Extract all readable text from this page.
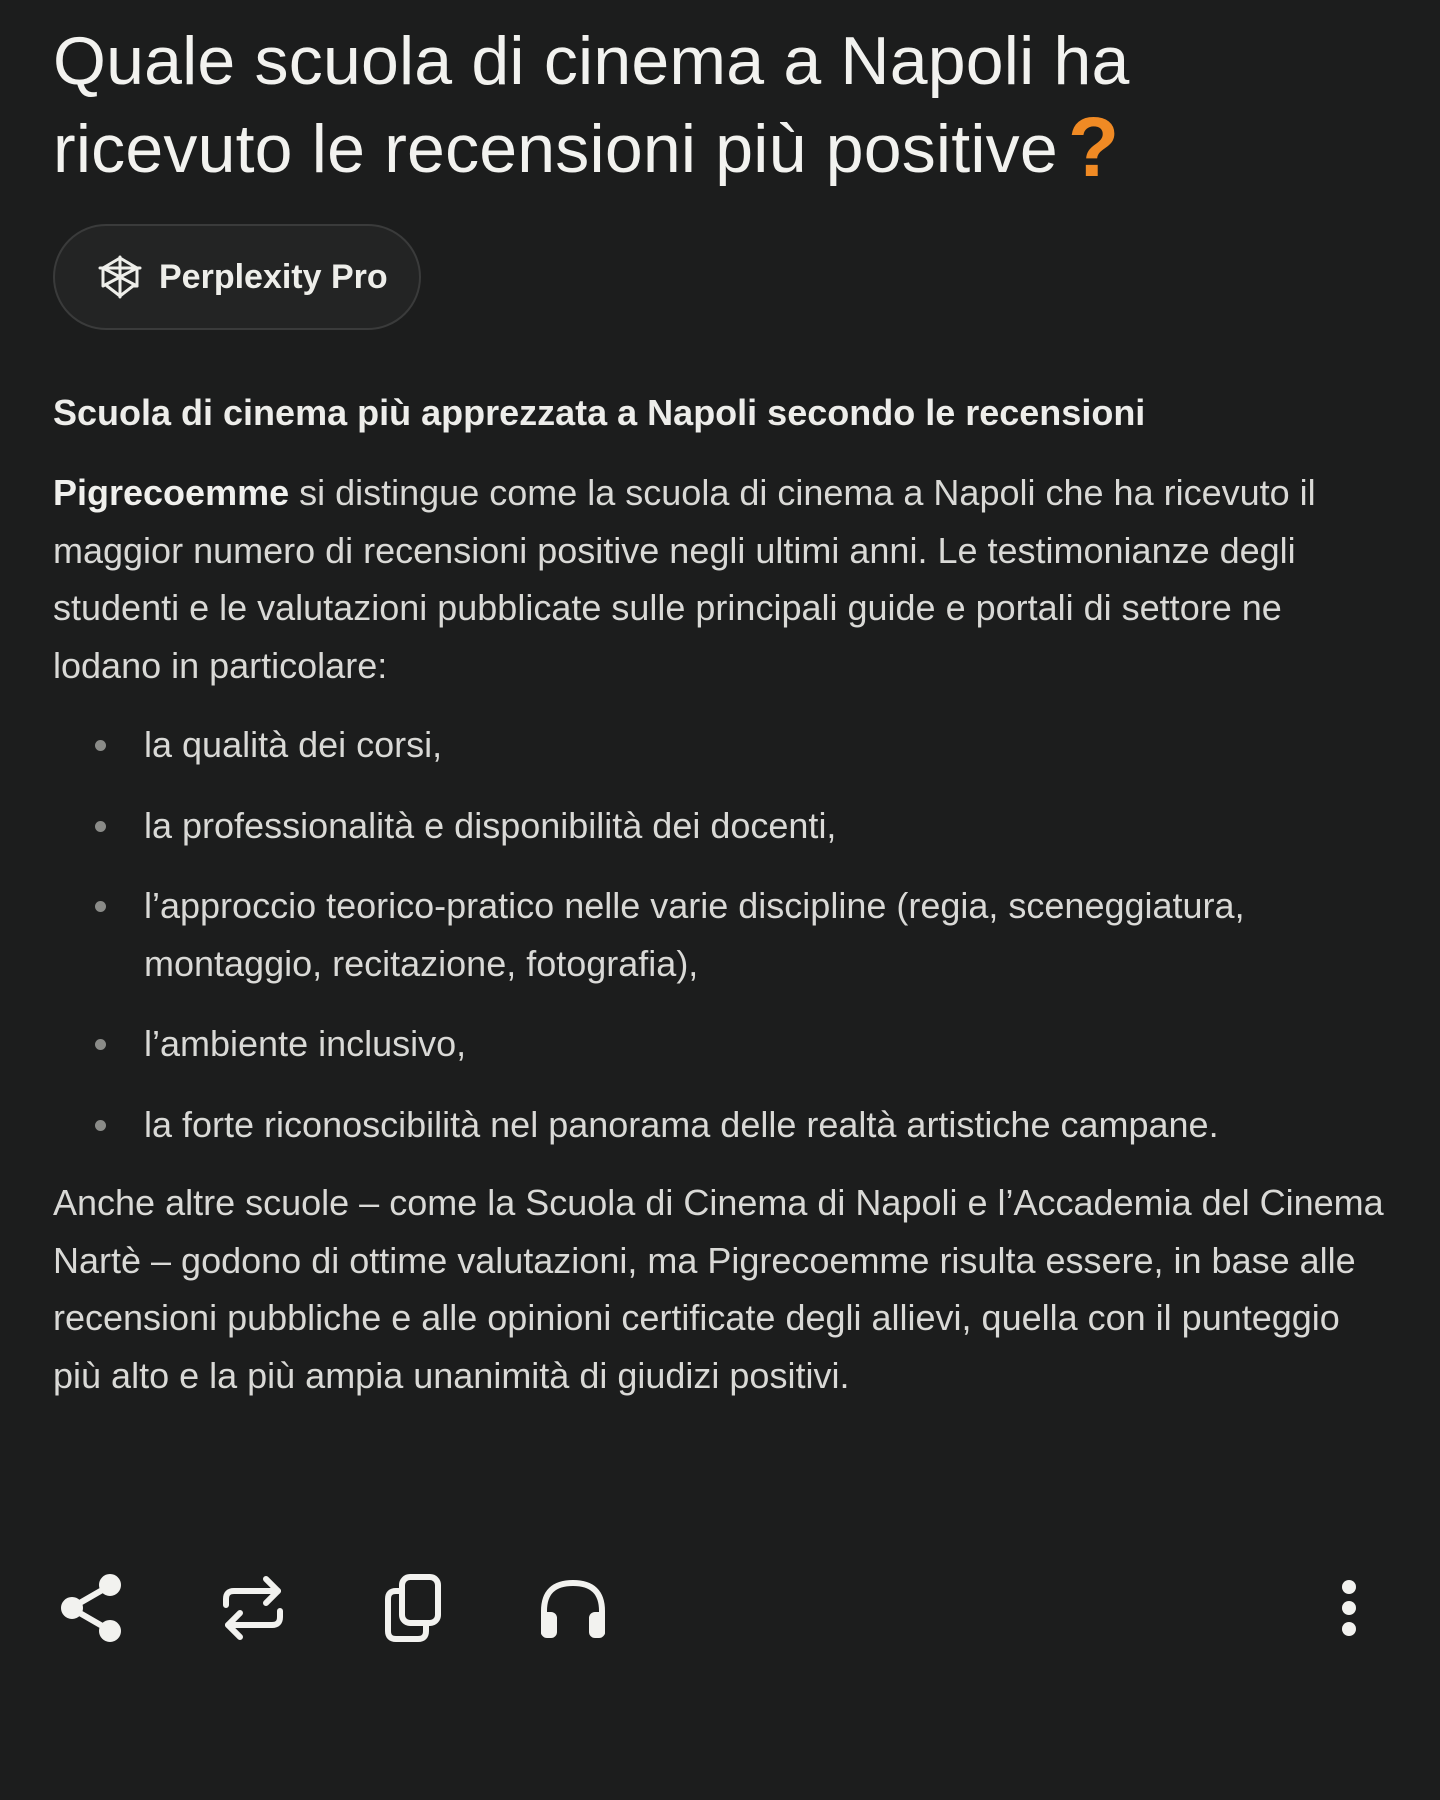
Quale scuola di cinema a Napoli ha ricevuto le recensioni più positive ?
Perplexity Pro
Scuola di cinema più apprezzata a Napoli secondo le recensioni

Pigrecoemme si distingue come la scuola di cinema a Napoli che ha ricevuto il maggior numero di recensioni positive negli ultimi anni. Le testimonianze degli studenti e le valutazioni pubblicate sulle principali guide e portali di settore ne lodano in particolare:

la qualità dei corsi,
la professionalità e disponibilità dei docenti,
l’approccio teorico-pratico nelle varie discipline (regia, sceneggiatura, montaggio, recitazione, fotografia),
l’ambiente inclusivo,
la forte riconoscibilità nel panorama delle realtà artistiche campane.

Anche altre scuole – come la Scuola di Cinema di Napoli e l’Accademia del Cinema Nartè – godono di ottime valutazioni, ma Pigrecoemme risulta essere, in base alle recensioni pubbliche e alle opinioni certificate degli allievi, quella con il punteggio più alto e la più ampia unanimità di giudizi positivi.
